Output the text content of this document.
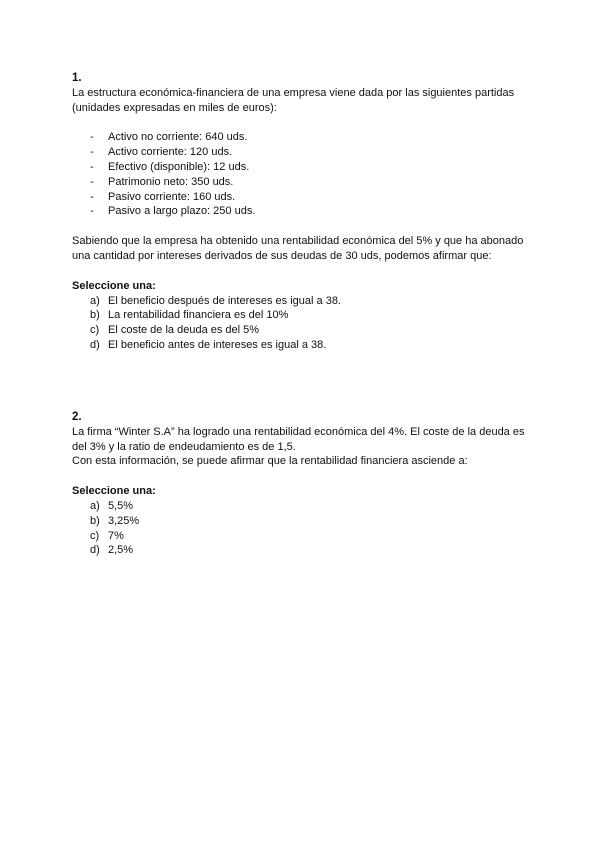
1.

La estructura económica-financiera de una empresa viene dada por las siguientes partidas (unidades expresadas en miles de euros):

- Activo no corriente: 640 uds.
- Activo corriente: 120 uds.
- Efectivo (disponible): 12 uds.
- Patrimonio neto: 350 uds.
- Pasivo corriente: 160 uds.
- Pasivo a largo plazo: 250 uds.

Sabiendo que la empresa ha obtenido una rentabilidad económica del 5% y que ha abonado una cantidad por intereses derivados de sus deudas de 30 uds, podemos afirmar que:

Seleccione una:
a) El beneficio después de intereses es igual a 38.
b) La rentabilidad financiera es del 10%
c) El coste de la deuda es del 5%
d) El beneficio antes de intereses es igual a 38.
2.

La firma “Winter S.A” ha logrado una rentabilidad económica del 4%. El coste de la deuda es del 3% y la ratio de endeudamiento es de 1,5.

Con esta información, se puede afirmar que la rentabilidad financiera asciende a:

Seleccione una:
a) 5,5%
b) 3,25%
c) 7%
d) 2,5%
